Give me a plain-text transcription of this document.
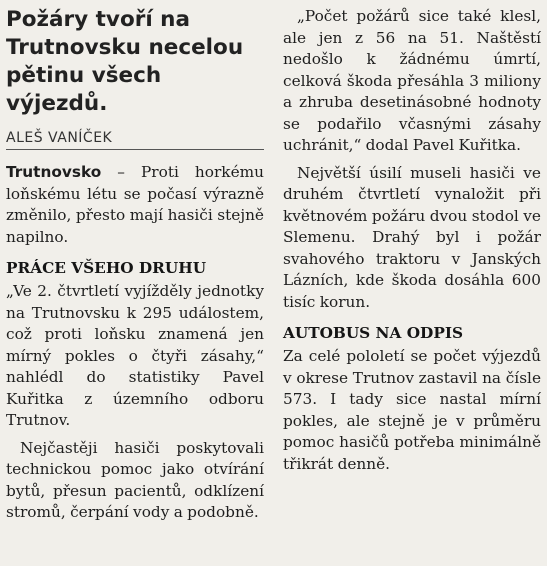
Požáry tvoří na Trutnovsku necelou pětinu všech výjezdů.
ALEŠ VANÍČEK

Trutnovsko – Proti horkému loňskému létu se počasí výrazně změnilo, přesto mají hasiči stejně napilno.

PRÁCE VŠEHO DRUHU

„Ve 2. čtvrtletí vyjížděly jednotky na Trutnovsku k 295 událostem, což proti loňsku znamená jen mírný pokles o čtyři zásahy,“ nahlédl do statistiky Pavel Kuřitka z územního odboru Trutnov.

Nejčastěji hasiči poskytovali technickou pomoc jako otvírání bytů, přesun pacientů, odklízení stromů, čerpání vody a podobně.

„Počet požárů sice také klesl, ale jen z 56 na 51. Naštěstí nedošlo k žádnému úmrtí, celková škoda přesáhla 3 miliony a zhruba desetinásobné hodnoty se podařilo včasnými zásahy uchránit,“ dodal Pavel Kuřitka.

Největší úsilí museli hasiči ve druhém čtvrtletí vynaložit při květnovém požáru dvou stodol ve Slemenu. Drahý byl i požár svahového traktoru v Janských Lázních, kde škoda dosáhla 600 tisíc korun.

AUTOBUS NA ODPIS

Za celé pololetí se počet výjezdů v okrese Trutnov zastavil na čísle 573. I tady sice nastal mírní pokles, ale stejně je v průměru pomoc hasičů potřeba minimálně třikrát denně.
